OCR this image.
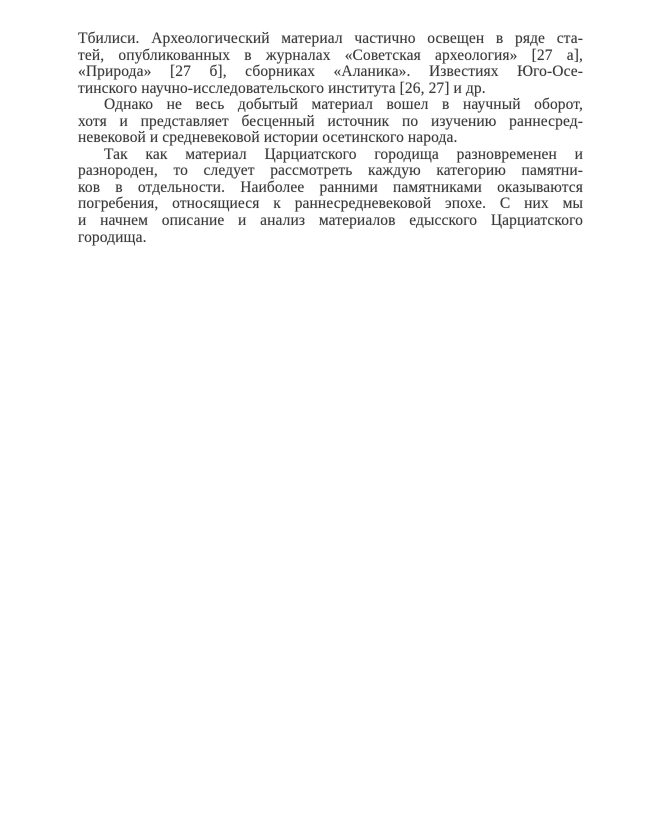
Тбилиси. Археологический материал частично освещен в ряде ста-
тей, опубликованных в журналах «Советская археология» [27 а],
«Природа» [27 б], сборниках «Аланика». Известиях Юго-Осе-
тинского научно-исследовательского института [26, 27] и др.

Однако не весь добытый материал вошел в научный оборот,
хотя и представляет бесценный источник по изучению раннесред-
невековой и средневековой истории осетинского народа.

Так как материал Царциатского городища разновременен и
разнороден, то следует рассмотреть каждую категорию памятни-
ков в отдельности. Наиболее ранними памятниками оказываются
погребения, относящиеся к раннесредневековой эпохе. С них мы
и начнем описание и анализ материалов едысского Царциатского
городища.
